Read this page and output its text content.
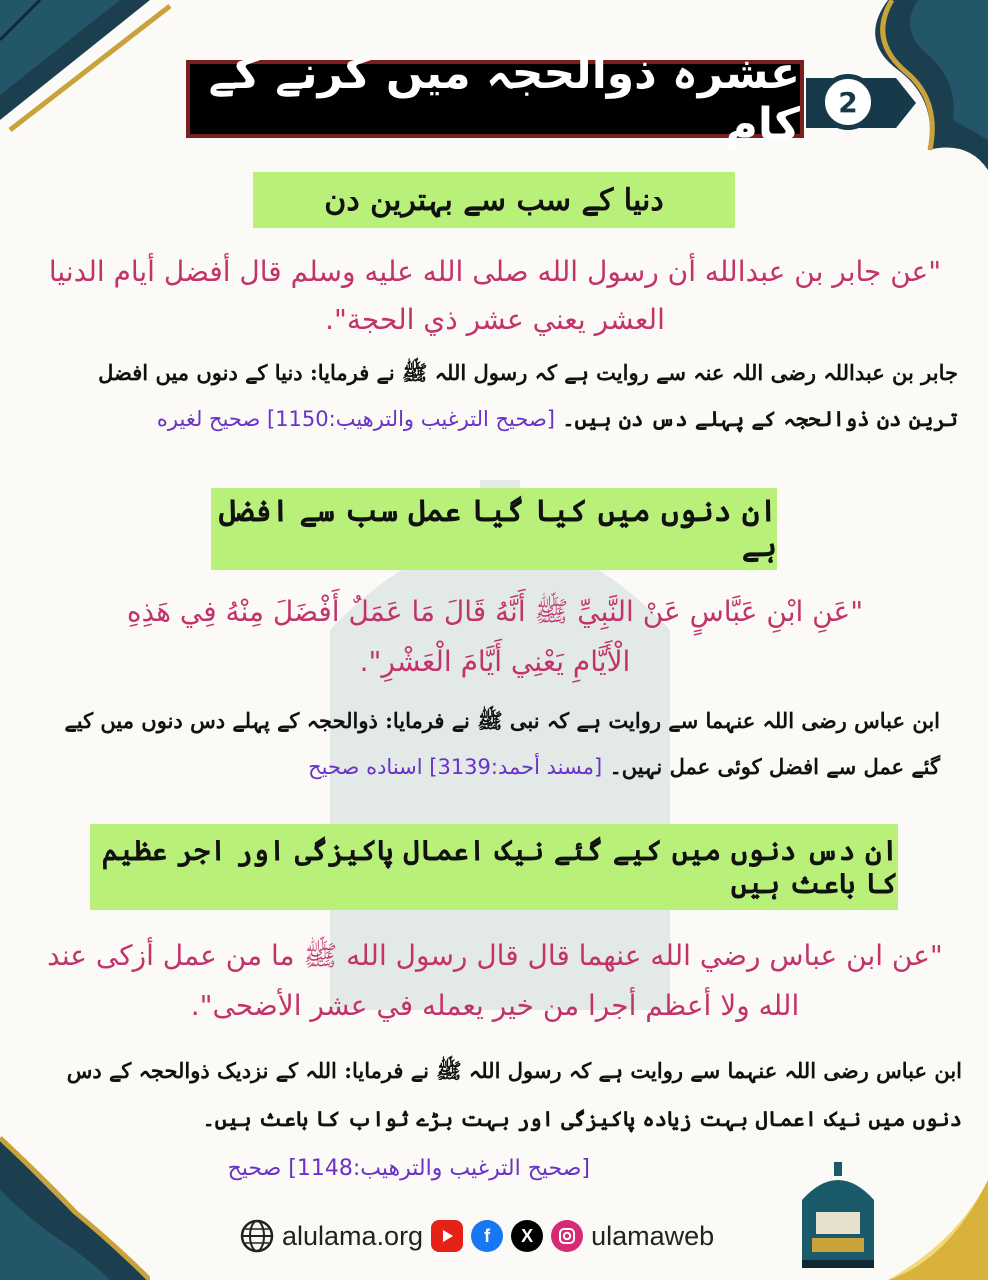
عشرہ ذوالحجہ میں کرنے کے کام	2
دنیا کے سب سے بہترین دن
"عن جابر بن عبدالله أن رسول الله صلى الله عليه وسلم قال أفضل أيام الدنيا
العشر يعني عشر ذي الحجة".
جابر بن عبداللہ رضی اللہ عنہ سے روایت ہے کہ رسول اللہ ﷺ نے فرمایا: دنیا کے دنوں میں افضل
ترین دن ذوالحجہ کے پہلے دس دن ہیں۔ [صحيح الترغيب والترهيب:1150] صحيح لغيره
ان دنوں میں کیا گیا عمل سب سے افضل ہے
"عَنِ ابْنِ عَبَّاسٍ عَنْ النَّبِيِّ ﷺ أَنَّهُ قَالَ مَا عَمَلٌ أَفْضَلَ مِنْهُ فِي هَذِهِ
الْأَيَّامِ يَعْنِي أَيَّامَ الْعَشْرِ".
ابن عباس رضی اللہ عنہما سے روایت ہے کہ نبی ﷺ نے فرمایا: ذوالحجہ کے پہلے دس دنوں میں کیے
گئے عمل سے افضل کوئی عمل نہیں۔ [مسند أحمد:3139] اسناده صحيح
ان دس دنوں میں کیے گئے نیک اعمال پاکیزگی اور اجر عظیم کا باعث ہیں
"عن ابن عباس رضي الله عنهما قال قال رسول الله ﷺ ما من عمل أزكى عند
الله ولا أعظم أجرا من خير يعمله في عشر الأضحى".
ابن عباس رضی اللہ عنہما سے روایت ہے کہ رسول اللہ ﷺ نے فرمایا: اللہ کے نزدیک ذوالحجہ کے دس
دنوں میں نیک اعمال بہت زیادہ پاکیزگی اور بہت بڑے ثواب کا باعث ہیں۔
[صحيح الترغيب والترهيب:1148] صحيح
alulama.org	f	X	ulamaweb
